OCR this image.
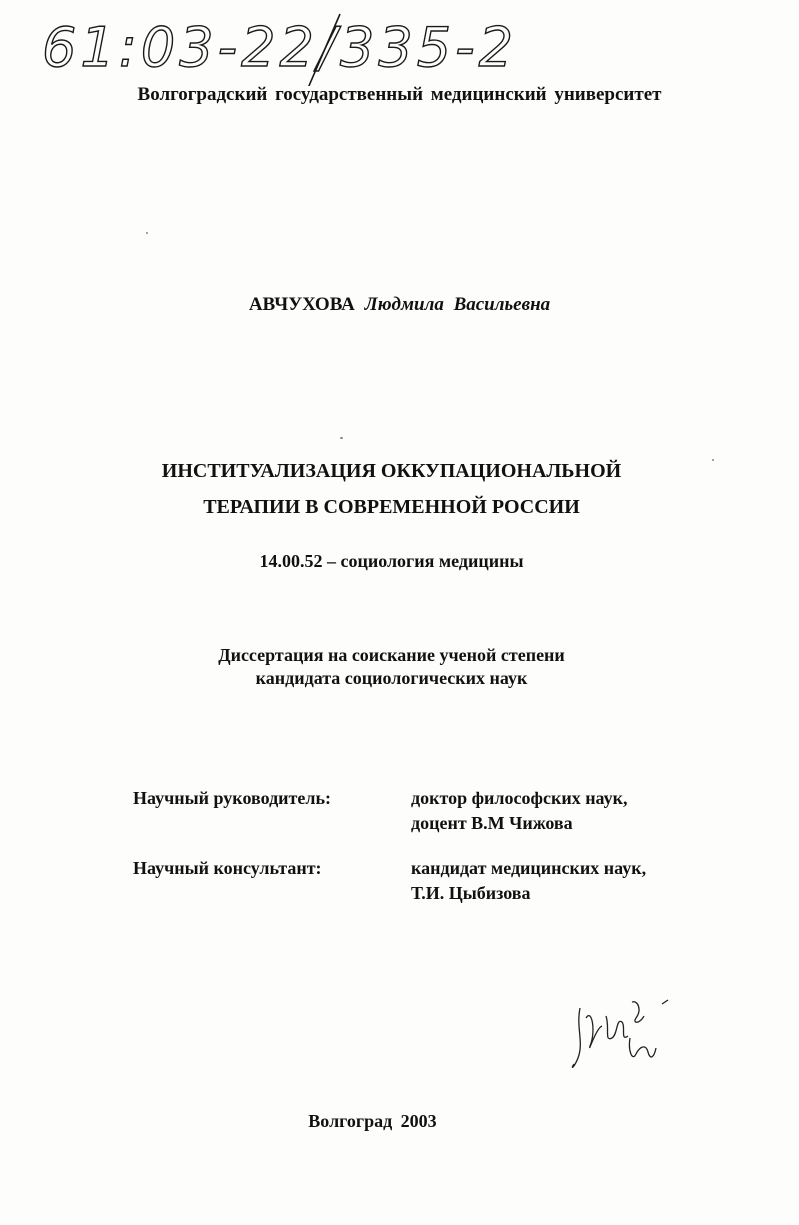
61:03-22/335-2
Волгоградский государственный медицинский университет
АВЧУХОВА Людмила Васильевна
ИНСТИТУАЛИЗАЦИЯ ОККУПАЦИОНАЛЬНОЙ
ТЕРАПИИ В СОВРЕМЕННОЙ РОССИИ
14.00.52 – социология медицины
Диссертация на соискание ученой степени
кандидата социологических наук
Научный руководитель:	доктор философских наук,
доцент В.М Чижова
Научный консультант:	кандидат медицинских наук,
Т.И. Цыбизова
Волгоград 2003
